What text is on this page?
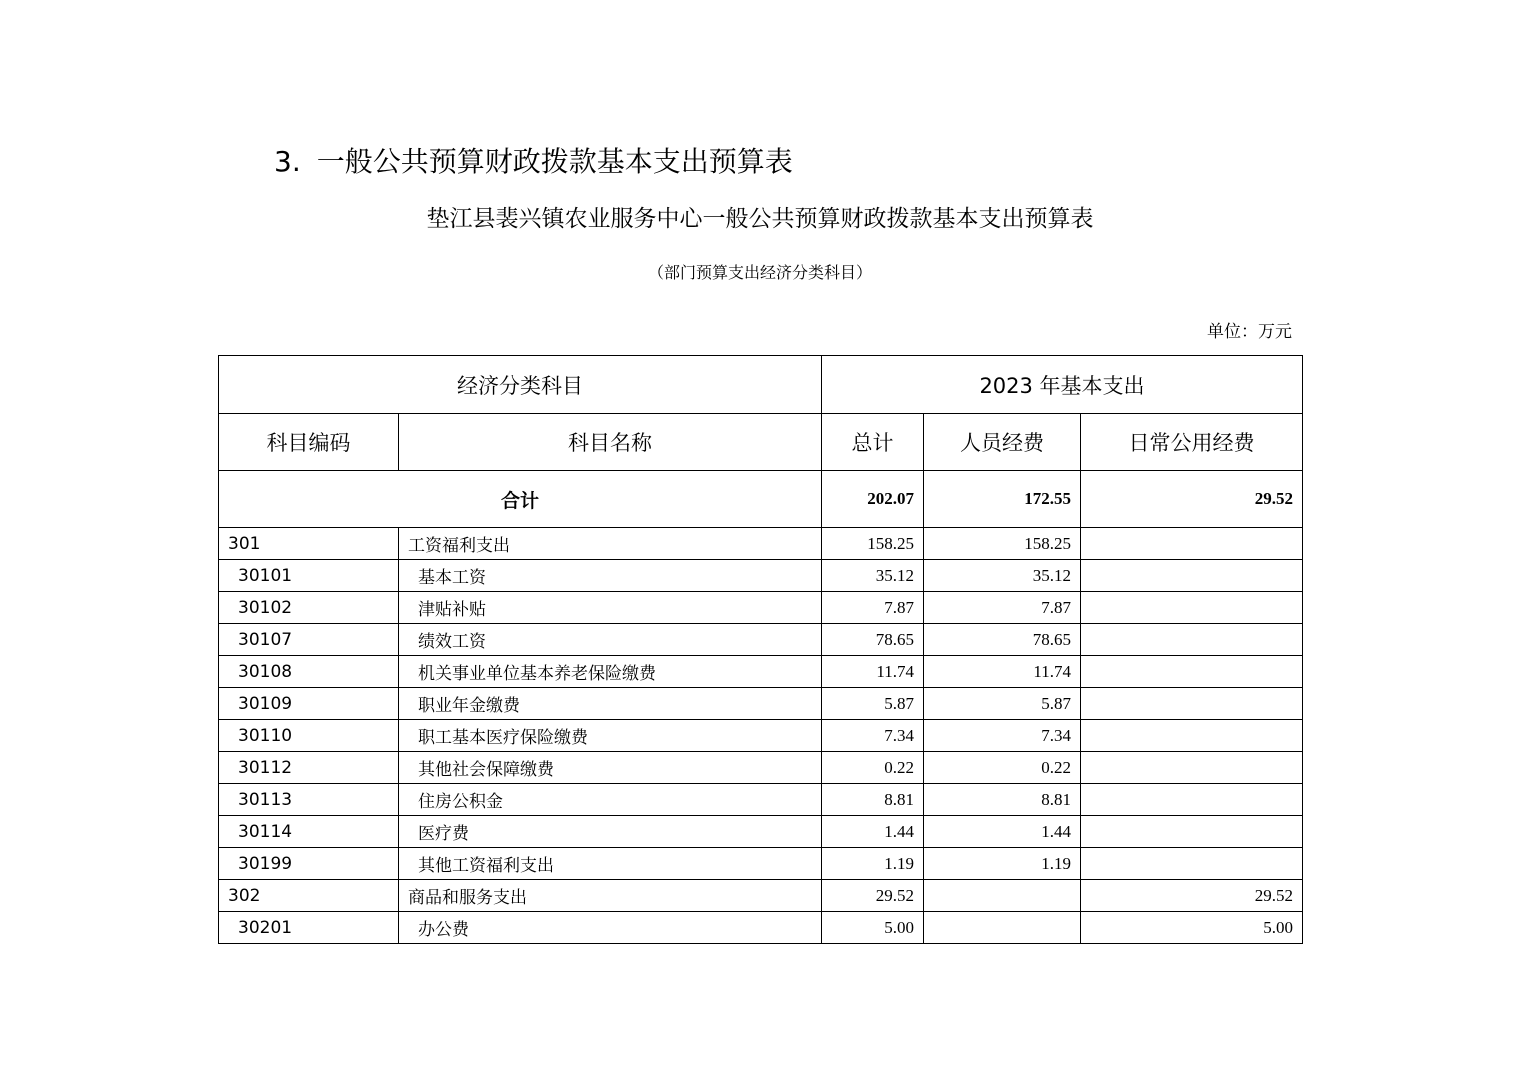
3. 一般公共预算财政拨款基本支出预算表
垫江县裴兴镇农业服务中心一般公共预算财政拨款基本支出预算表
（部门预算支出经济分类科目）
单位：万元
经济分类科目		2023 年基本支出		
科目编码	科目名称	总计	人员经费	日常公用经费
合计		202.07	172.55	29.52
301	工资福利支出	158.25	158.25	
30101	基本工资	35.12	35.12	
30102	津贴补贴	7.87	7.87	
30107	绩效工资	78.65	78.65	
30108	机关事业单位基本养老保险缴费	11.74	11.74	
30109	职业年金缴费	5.87	5.87	
30110	职工基本医疗保险缴费	7.34	7.34	
30112	其他社会保障缴费	0.22	0.22	
30113	住房公积金	8.81	8.81	
30114	医疗费	1.44	1.44	
30199	其他工资福利支出	1.19	1.19	
302	商品和服务支出	29.52		29.52
30201	办公费	5.00		5.00
